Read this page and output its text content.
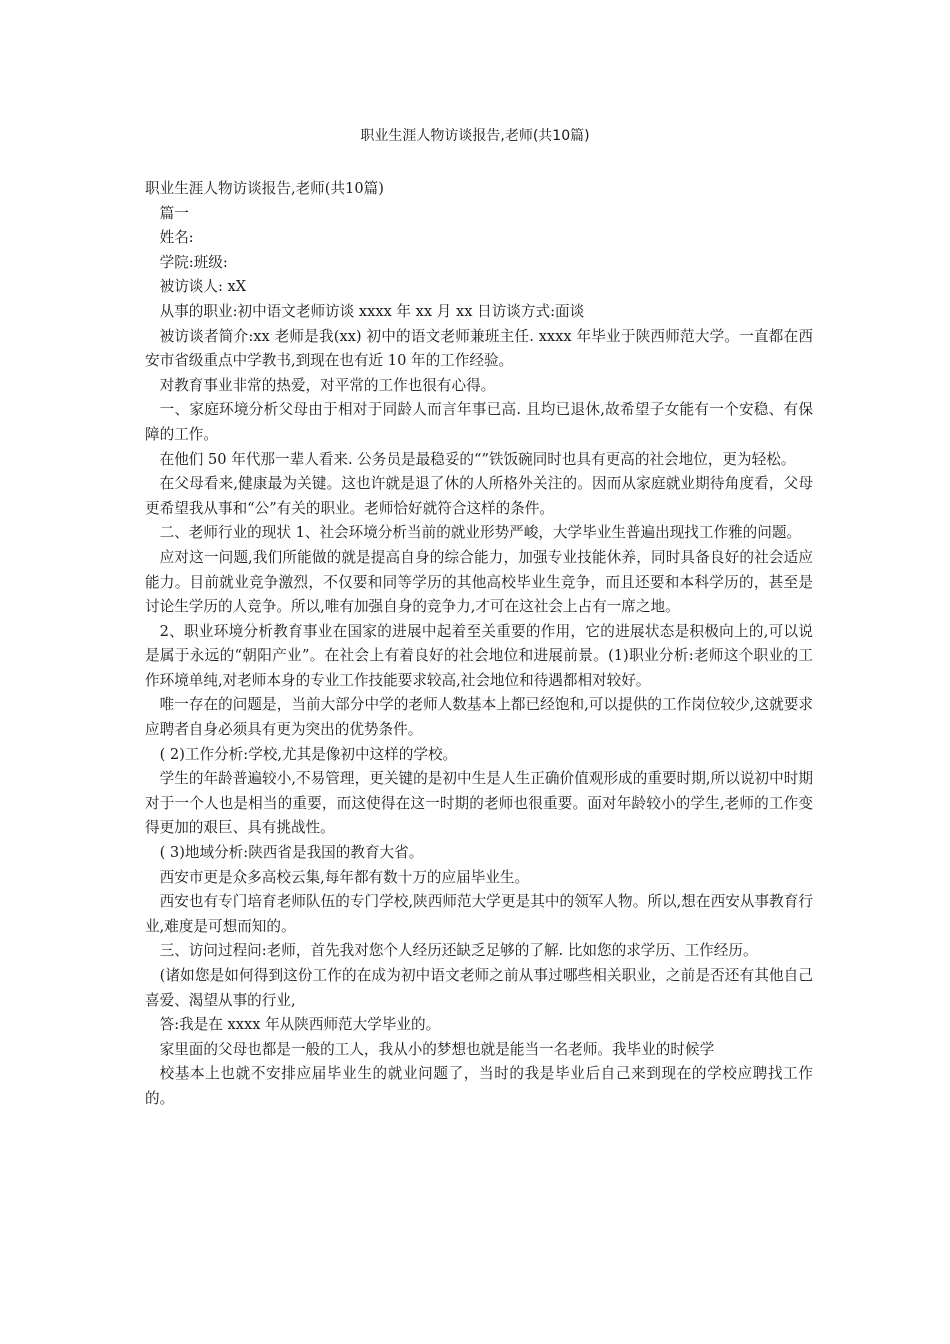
职业生涯人物访谈报告,老师(共10篇)

职业生涯人物访谈报告,老师(共10篇)

篇一

姓名:

学院:班级:

被访谈人: xX

从事的职业:初中语文老师访谈 xxxx 年 xx 月 xx 日访谈方式:面谈

被访谈者简介:xx 老师是我(xx) 初中的语文老师兼班主任. xxxx 年毕业于陕西师范大学。一直都在西安市省级重点中学教书,到现在也有近 10 年的工作经验。

对教育事业非常的热爱，对平常的工作也很有心得。

一、家庭环境分析父母由于相对于同龄人而言年事已高. 且均已退休,故希望子女能有一个安稳、有保障的工作。

在他们 50 年代那一辈人看来. 公务员是最稳妥的“”铁饭碗同时也具有更高的社会地位，更为轻松。

在父母看来,健康最为关键。这也许就是退了休的人所格外关注的。因而从家庭就业期待角度看，父母更希望我从事和“公”有关的职业。老师恰好就符合这样的条件。

二、老师行业的现状 1、社会环境分析当前的就业形势严峻，大学毕业生普遍出现找工作雅的问题。

应对这一问题,我们所能做的就是提高自身的综合能力，加强专业技能休养，同时具备良好的社会适应能力。目前就业竞争激烈，不仅要和同等学历的其他高校毕业生竞争，而且还要和本科学历的，甚至是讨论生学历的人竞争。所以,唯有加强自身的竞争力,才可在这社会上占有一席之地。

2、职业环境分析教育事业在国家的进展中起着至关重要的作用，它的进展状态是积极向上的,可以说是属于永远的“朝阳产业”。在社会上有着良好的社会地位和进展前景。(1)职业分析:老师这个职业的工作环境单纯,对老师本身的专业工作技能要求较高,社会地位和待遇都相对较好。

唯一存在的问题是，当前大部分中学的老师人数基本上都已经饱和,可以提供的工作岗位较少,这就要求应聘者自身必须具有更为突出的优势条件。

( 2)工作分析:学校,尤其是像初中这样的学校。

学生的年龄普遍较小,不易管理，更关键的是初中生是人生正确价值观形成的重要时期,所以说初中时期对于一个人也是相当的重要，而这使得在这一时期的老师也很重要。面对年龄较小的学生,老师的工作变得更加的艰巨、具有挑战性。

( 3)地域分析:陕西省是我国的教育大省。

西安市更是众多高校云集,每年都有数十万的应届毕业生。

西安也有专门培育老师队伍的专门学校,陕西师范大学更是其中的领军人物。所以,想在西安从事教育行业,难度是可想而知的。

三、访问过程问:老师，首先我对您个人经历还缺乏足够的了解. 比如您的求学历、工作经历。

(诸如您是如何得到这份工作的在成为初中语文老师之前从事过哪些相关职业，之前是否还有其他自己喜爱、渴望从事的行业,

答:我是在 xxxx 年从陕西师范大学毕业的。

家里面的父母也都是一般的工人，我从小的梦想也就是能当一名老师。我毕业的时候学

校基本上也就不安排应届毕业生的就业问题了，当时的我是毕业后自己来到现在的学校应聘找工作的。
